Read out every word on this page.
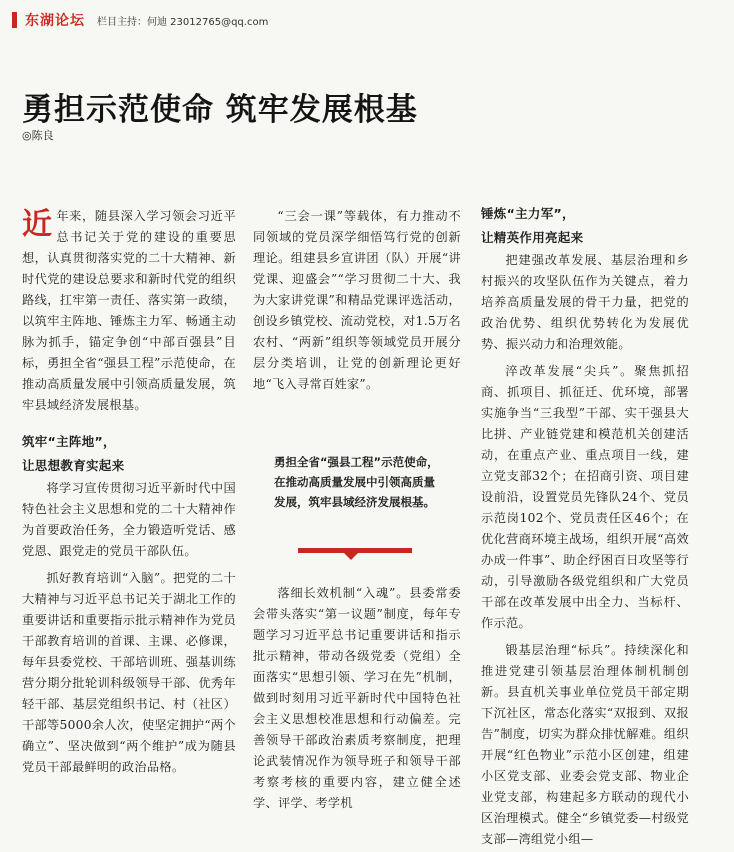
东湖论坛 栏目主持：何迪 23012765@qq.com
勇担示范使命 筑牢发展根基
◎陈良

近年来，随县深入学习领会习近平总书记关于党的建设的重要思想，认真贯彻落实党的二十大精神、新时代党的建设总要求和新时代党的组织路线，扛牢第一责任、落实第一政绩，以筑牢主阵地、锤炼主力军、畅通主动脉为抓手，锚定争创“中部百强县”目标，勇担全省“强县工程”示范使命，在推动高质量发展中引领高质量发展，筑牢县域经济发展根基。

筑牢“主阵地”，

让思想教育实起来

将学习宣传贯彻习近平新时代中国特色社会主义思想和党的二十大精神作为首要政治任务，全力锻造听党话、感党恩、跟党走的党员干部队伍。

抓好教育培训“入脑”。把党的二十大精神与习近平总书记关于湖北工作的重要讲话和重要指示批示精神作为党员干部教育培训的首课、主课、必修课，每年县委党校、干部培训班、强基训练营分期分批轮训科级领导干部、优秀年轻干部、基层党组织书记、村（社区）干部等5000余人次，使坚定拥护“两个确立”、坚决做到“两个维护”成为随县党员干部最鲜明的政治品格。

“三会一课”等载体，有力推动不同领域的党员深学细悟笃行党的创新理论。组建县乡宣讲团（队）开展“讲党课、迎盛会”“学习贯彻二十大、我为大家讲党课”和精品党课评选活动，创设乡镇党校、流动党校，对1.5万名农村、“两新”组织等领域党员开展分层分类培训，让党的创新理论更好地“飞入寻常百姓家”。

落细长效机制“入魂”。县委常委会带头落实“第一议题”制度，每年专题学习习近平总书记重要讲话和指示批示精神，带动各级党委（党组）全面落实“思想引领、学习在先”机制，做到时刻用习近平新时代中国特色社会主义思想校准思想和行动偏差。完善领导干部政治素质考察制度，把理论武装情况作为领导班子和领导干部考察考核的重要内容，建立健全述学、评学、考学机

勇担全省“强县工程”示范使命，在推动高质量发展中引领高质量发展，筑牢县域经济发展根基。

锤炼“主力军”，

让精英作用亮起来

把建强改革发展、基层治理和乡村振兴的攻坚队伍作为关键点，着力培养高质量发展的骨干力量，把党的政治优势、组织优势转化为发展优势、振兴动力和治理效能。

淬改革发展“尖兵”。聚焦抓招商、抓项目、抓征迁、优环境，部署实施争当“三我型”干部、实干强县大比拼、产业链党建和模范机关创建活动，在重点产业、重点项目一线，建立党支部32个；在招商引资、项目建设前沿，设置党员先锋队24个、党员示范岗102个、党员责任区46个；在优化营商环境主战场，组织开展“高效办成一件事”、助企纾困百日攻坚等行动，引导激励各级党组织和广大党员干部在改革发展中出全力、当标杆、作示范。

锻基层治理“标兵”。持续深化和推进党建引领基层治理体制机制创新。县直机关事业单位党员干部定期下沉社区，常态化落实“双报到、双报告”制度，切实为群众排忧解难。组织开展“红色物业”示范小区创建，组建小区党支部、业委会党支部、物业企业党支部，构建起多方联动的现代小区治理模式。健全“乡镇党委—村级党支部—湾组党小组—
